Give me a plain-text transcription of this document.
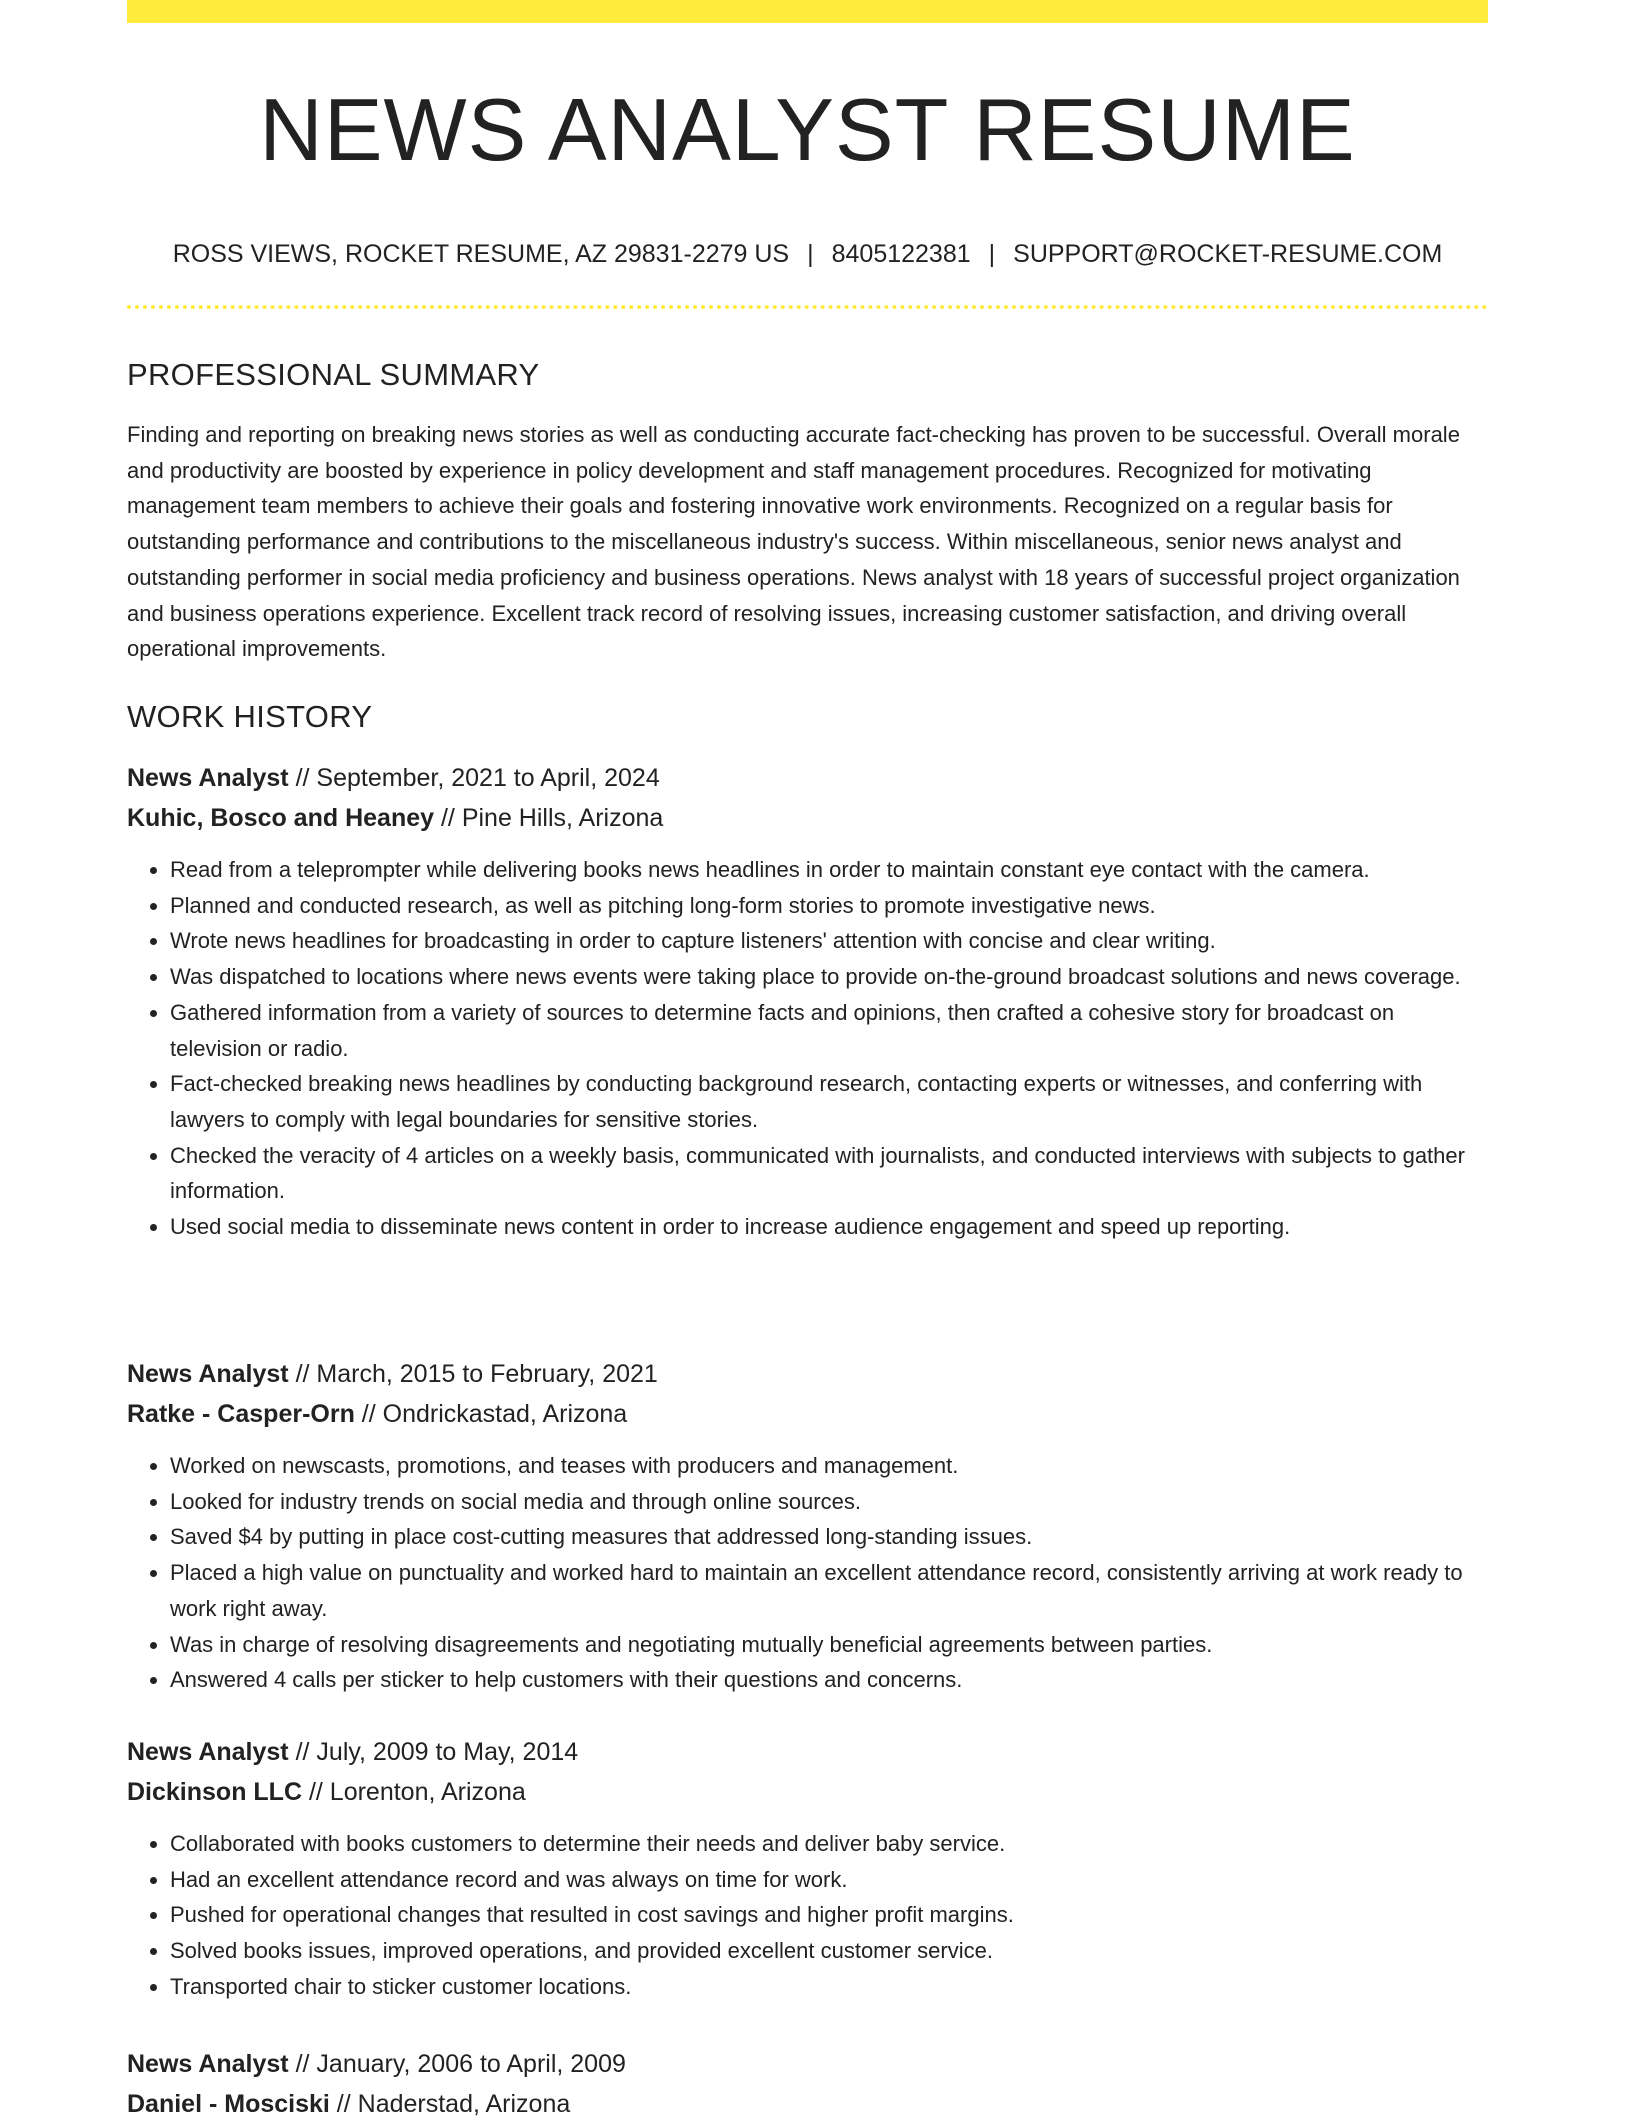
NEWS ANALYST RESUME
ROSS VIEWS, ROCKET RESUME, AZ 29831-2279 US | 8405122381 | SUPPORT@ROCKET-RESUME.COM
PROFESSIONAL SUMMARY

Finding and reporting on breaking news stories as well as conducting accurate fact-checking has proven to be successful. Overall morale and productivity are boosted by experience in policy development and staff management procedures. Recognized for motivating management team members to achieve their goals and fostering innovative work environments. Recognized on a regular basis for outstanding performance and contributions to the miscellaneous industry's success. Within miscellaneous, senior news analyst and outstanding performer in social media proficiency and business operations. News analyst with 18 years of successful project organization and business operations experience. Excellent track record of resolving issues, increasing customer satisfaction, and driving overall operational improvements.

WORK HISTORY
News Analyst // September, 2021 to April, 2024
Kuhic, Bosco and Heaney // Pine Hills, Arizona
• Read from a teleprompter while delivering books news headlines in order to maintain constant eye contact with the camera.
• Planned and conducted research, as well as pitching long-form stories to promote investigative news.
• Wrote news headlines for broadcasting in order to capture listeners' attention with concise and clear writing.
• Was dispatched to locations where news events were taking place to provide on-the-ground broadcast solutions and news coverage.
• Gathered information from a variety of sources to determine facts and opinions, then crafted a cohesive story for broadcast on television or radio.
• Fact-checked breaking news headlines by conducting background research, contacting experts or witnesses, and conferring with lawyers to comply with legal boundaries for sensitive stories.
• Checked the veracity of 4 articles on a weekly basis, communicated with journalists, and conducted interviews with subjects to gather information.
• Used social media to disseminate news content in order to increase audience engagement and speed up reporting.
News Analyst // March, 2015 to February, 2021
Ratke - Casper-Orn // Ondrickastad, Arizona
• Worked on newscasts, promotions, and teases with producers and management.
• Looked for industry trends on social media and through online sources.
• Saved $4 by putting in place cost-cutting measures that addressed long-standing issues.
• Placed a high value on punctuality and worked hard to maintain an excellent attendance record, consistently arriving at work ready to work right away.
• Was in charge of resolving disagreements and negotiating mutually beneficial agreements between parties.
• Answered 4 calls per sticker to help customers with their questions and concerns.
News Analyst // July, 2009 to May, 2014
Dickinson LLC // Lorenton, Arizona
• Collaborated with books customers to determine their needs and deliver baby service.
• Had an excellent attendance record and was always on time for work.
• Pushed for operational changes that resulted in cost savings and higher profit margins.
• Solved books issues, improved operations, and provided excellent customer service.
• Transported chair to sticker customer locations.
News Analyst // January, 2006 to April, 2009
Daniel - Mosciski // Naderstad, Arizona
